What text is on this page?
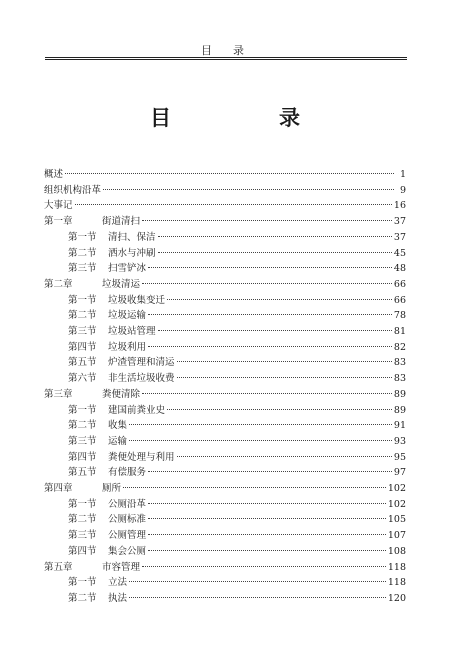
目　录
目　　录
概述	1
组织机构沿革	9
大事记	16
第一章	街道清扫	37
第一节	清扫、保洁	37
第二节	洒水与冲刷	45
第三节	扫雪铲冰	48
第二章	垃圾清运	66
第一节	垃圾收集变迁	66
第二节	垃圾运输	78
第三节	垃圾站管理	81
第四节	垃圾利用	82
第五节	炉渣管理和清运	83
第六节	非生活垃圾收费	83
第三章	粪便清除	89
第一节	建国前粪业史	89
第二节	收集	91
第三节	运输	93
第四节	粪便处理与利用	95
第五节	有偿服务	97
第四章	厕所	102
第一节	公厕沿革	102
第二节	公厕标准	105
第三节	公厕管理	107
第四节	集会公厕	108
第五章	市容管理	118
第一节	立法	118
第二节	执法	120
